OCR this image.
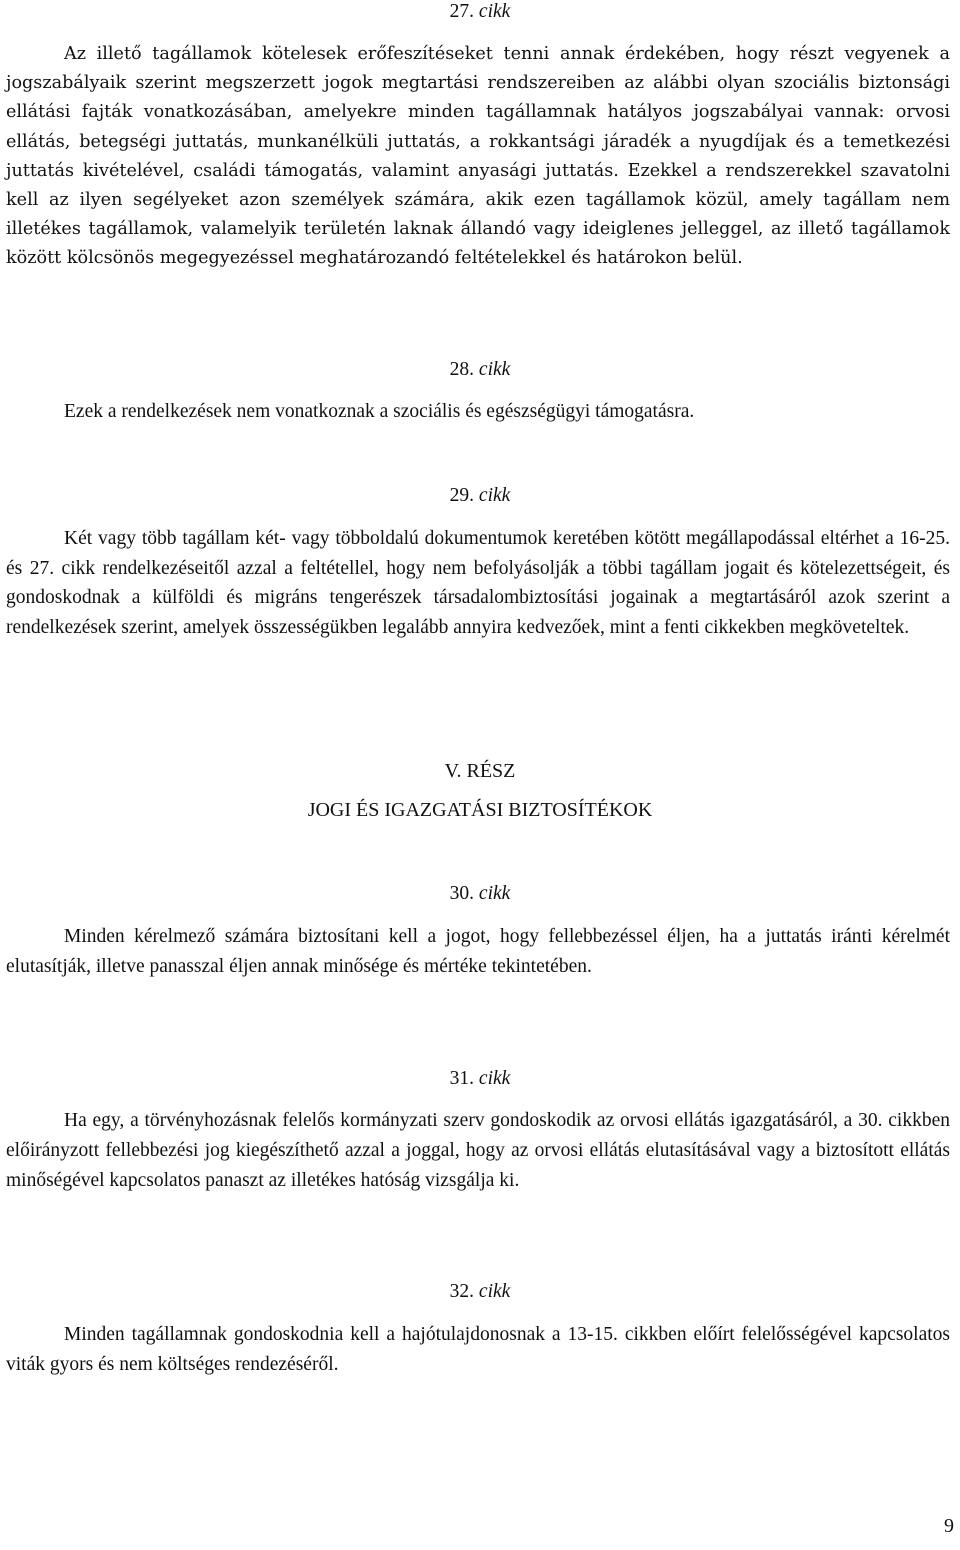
27. cikk
Az illető tagállamok kötelesek erőfeszítéseket tenni annak érdekében, hogy részt vegyenek a jogszabályaik szerint megszerzett jogok megtartási rendszereiben az alábbi olyan szociális biztonsági ellátási fajták vonatkozásában, amelyekre minden tagállamnak hatályos jogszabályai vannak: orvosi ellátás, betegségi juttatás, munkanélküli juttatás, a rokkantsági járadék a nyugdíjak és a temetkezési juttatás kivételével, családi támogatás, valamint anyasági juttatás. Ezekkel a rendszerekkel szavatolni kell az ilyen segélyeket azon személyek számára, akik ezen tagállamok közül, amely tagállam nem illetékes tagállamok, valamelyik területén laknak állandó vagy ideiglenes jelleggel, az illető tagállamok között kölcsönös megegyezéssel meghatározandó feltételekkel és határokon belül.
28. cikk
Ezek a rendelkezések nem vonatkoznak a szociális és egészségügyi támogatásra.
29. cikk
Két vagy több tagállam két- vagy többoldalú dokumentumok keretében kötött megállapodással eltérhet a 16-25. és 27. cikk rendelkezéseitől azzal a feltétellel, hogy nem befolyásolják a többi tagállam jogait és kötelezettségeit, és gondoskodnak a külföldi és migráns tengerészek társadalombiztosítási jogainak a megtartásáról azok szerint a rendelkezések szerint, amelyek összességükben legalább annyira kedvezőek, mint a fenti cikkekben megköveteltek.
V. RÉSZ
JOGI ÉS IGAZGATÁSI BIZTOSÍTÉKOK
30. cikk
Minden kérelmező számára biztosítani kell a jogot, hogy fellebbezéssel éljen, ha a juttatás iránti kérelmét elutasítják, illetve panasszal éljen annak minősége és mértéke tekintetében.
31. cikk
Ha egy, a törvényhozásnak felelős kormányzati szerv gondoskodik az orvosi ellátás igazgatásáról, a 30. cikkben előirányzott fellebbezési jog kiegészíthető azzal a joggal, hogy az orvosi ellátás elutasításával vagy a biztosított ellátás minőségével kapcsolatos panaszt az illetékes hatóság vizsgálja ki.
32. cikk
Minden tagállamnak gondoskodnia kell a hajótulajdonosnak a 13-15. cikkben előírt felelősségével kapcsolatos viták gyors és nem költséges rendezéséről.
9
